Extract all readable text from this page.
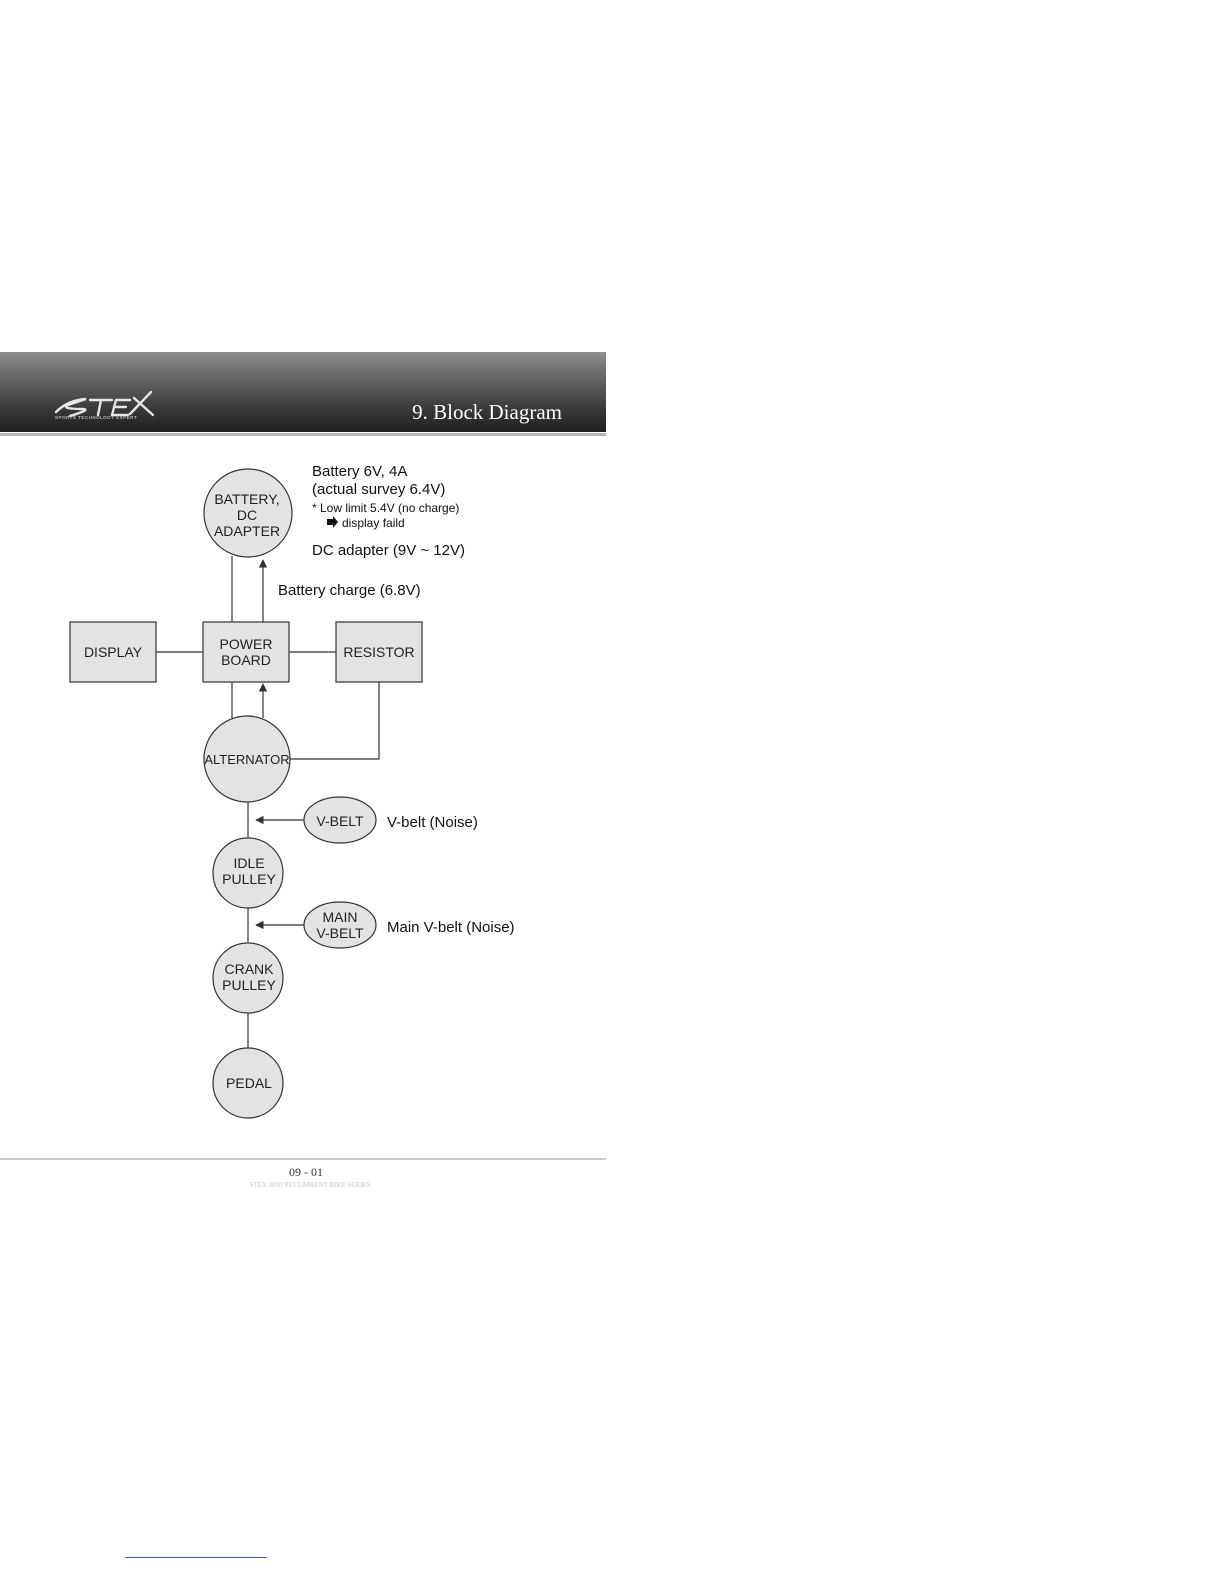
9. Block Diagram
SPORTS TECHNOLOGY EXPERT
BATTERY,
DC
ADAPTER
POWER
BOARD
DISPLAY	RESISTOR
ALTERNATOR
V-BELT
IDLE
PULLEY
MAIN
V-BELT
CRANK
PULLEY
PEDAL
Battery 6V, 4A
(actual survey 6.4V)
* Low limit 5.4V (no charge)
display faild
DC adapter (9V ~ 12V)
Battery charge (6.8V)
V-belt (Noise)
Main V-belt (Noise)
09 - 01
STEX 8010 RECUMBENT BIKE SERIES
